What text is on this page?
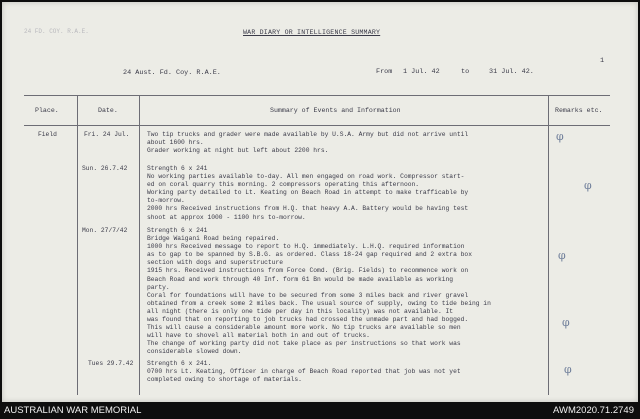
24 FD. COY. R.A.E.	WAR DIARY OR INTELLIGENCE SUMMARY
1
24 Aust. Fd. Coy. R.A.E.	From 1 Jul. 42	to	31 Jul. 42.
Place.	Date.	Summary of Events and Information	Remarks etc.
Field	Fri. 24 Jul.	Two tip trucks and grader were made available by U.S.A. Army but did not arrive until
about 1600 hrs.
Grader working at night but left about 2200 hrs.
Sun. 26.7.42	Strength 6 x 241
No working parties available to-day. All men engaged on road work. Compressor start-
ed on coral quarry this morning. 2 compressors operating this afternoon.
Working party detailed to Lt. Keating on Beach Road in attempt to make trafficable by
to-morrow.
2000 hrs Received instructions from H.Q. that heavy A.A. Battery would be having test
shoot at approx 1000 - 1100 hrs to-morrow.
Mon. 27/7/42	Strength 6 x 241
Bridge Waigani Road being repaired.
1000 hrs Received message to report to H.Q. immediately. L.H.Q. required information
as to gap to be spanned by S.B.G. as ordered. Class 18-24 gap required and 2 extra box
section with dogs and superstructure
1915 hrs. Received instructions from Force Comd. (Brig. Fields) to recommence work on
Beach Road and work through 40 Inf. form 61 Bn would be made available as working
party.
Coral for foundations will have to be secured from some 3 miles back and river gravel
obtained from a creek some 2 miles back. The usual source of supply, owing to tide being in
all night (there is only one tide per day in this locality) was not available. It
was found that on reporting to job trucks had crossed the unmade part and had bogged.
This will cause a considerable amount more work. No tip trucks are available so men
will have to shovel all material both in and out of trucks.
The change of working party did not take place as per instructions so that work was
considerable slowed down.
Tues 29.7.42 Strength 6 x 241.
0700 hrs Lt. Keating, Officer in charge of Beach Road reported that job was not yet
completed owing to shortage of materials.
φ
φ
φ
φ
φ
AUSTRALIAN WAR MEMORIAL	AWM2020.71.2749
